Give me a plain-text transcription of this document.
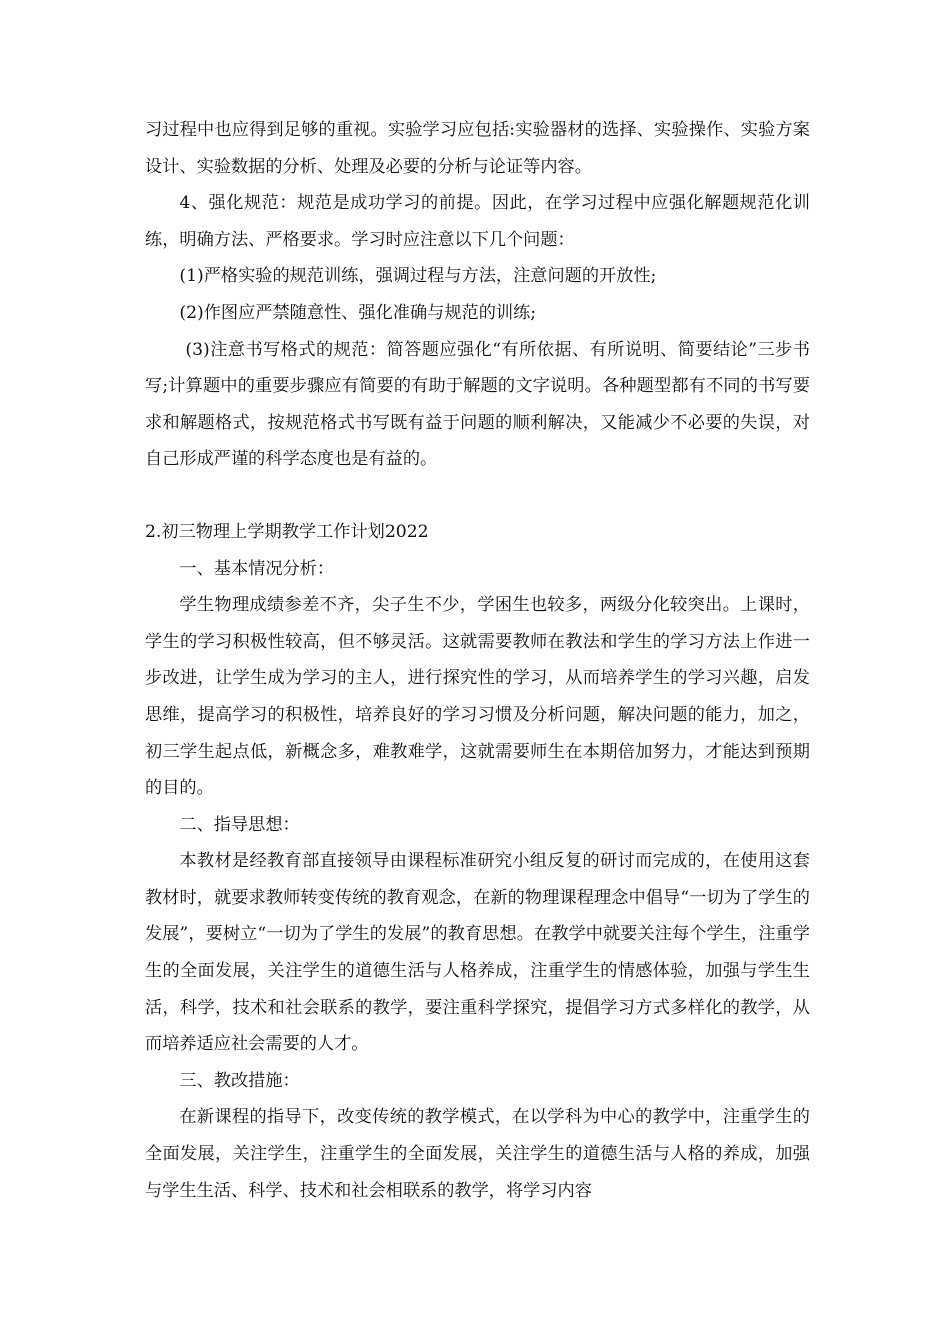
习过程中也应得到足够的重视。实验学习应包括:实验器材的选择、实验操作、实验方案设计、实验数据的分析、处理及必要的分析与论证等内容。

4、强化规范：规范是成功学习的前提。因此，在学习过程中应强化解题规范化训练，明确方法、严格要求。学习时应注意以下几个问题：

(1)严格实验的规范训练，强调过程与方法，注意问题的开放性;

(2)作图应严禁随意性、强化准确与规范的训练;

(3)注意书写格式的规范：简答题应强化“有所依据、有所说明、简要结论”三步书写;计算题中的重要步骤应有简要的有助于解题的文字说明。各种题型都有不同的书写要求和解题格式，按规范格式书写既有益于问题的顺利解决，又能减少不必要的失误，对自己形成严谨的科学态度也是有益的。

2.初三物理上学期教学工作计划2022

一、基本情况分析：

学生物理成绩参差不齐，尖子生不少，学困生也较多，两级分化较突出。上课时，学生的学习积极性较高，但不够灵活。这就需要教师在教法和学生的学习方法上作进一步改进，让学生成为学习的主人，进行探究性的学习，从而培养学生的学习兴趣，启发思维，提高学习的积极性，培养良好的学习习惯及分析问题，解决问题的能力，加之，初三学生起点低，新概念多，难教难学，这就需要师生在本期倍加努力，才能达到预期的目的。

二、指导思想：

本教材是经教育部直接领导由课程标准研究小组反复的研讨而完成的，在使用这套教材时，就要求教师转变传统的教育观念，在新的物理课程理念中倡导“一切为了学生的发展”，要树立“一切为了学生的发展”的教育思想。在教学中就要关注每个学生，注重学生的全面发展，关注学生的道德生活与人格养成，注重学生的情感体验，加强与学生生活，科学，技术和社会联系的教学，要注重科学探究，提倡学习方式多样化的教学，从而培养适应社会需要的人才。

三、教改措施：

在新课程的指导下，改变传统的教学模式，在以学科为中心的教学中，注重学生的全面发展，关注学生，注重学生的全面发展，关注学生的道德生活与人格的养成，加强与学生生活、科学、技术和社会相联系的教学，将学习内容
